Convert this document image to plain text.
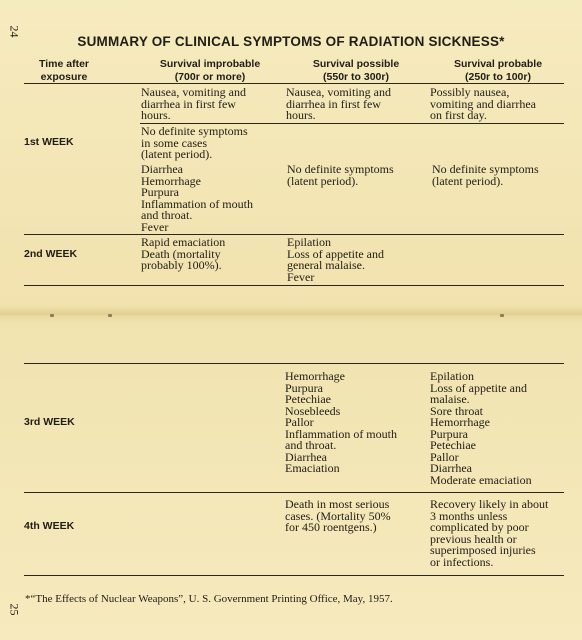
24
25
SUMMARY OF CLINICAL SYMPTOMS OF RADIATION SICKNESS*
Time after
exposure
Survival improbable
(700r or more)
Survival possible
(550r to 300r)
Survival probable
(250r to 100r)
1st WEEK
Nausea, vomiting and
diarrhea in first few
hours.
Nausea, vomiting and
diarrhea in first few
hours.
Possibly nausea,
vomiting and diarrhea
on first day.
No definite symptoms
in some cases
(latent period).
Diarrhea
Hemorrhage
Purpura
Inflammation of mouth
and throat.
Fever
No definite symptoms
(latent period).
No definite symptoms
(latent period).
2nd WEEK
Rapid emaciation
Death (mortality
probably 100%).
Epilation
Loss of appetite and
general malaise.
Fever
3rd WEEK
Hemorrhage
Purpura
Petechiae
Nosebleeds
Pallor
Inflammation of mouth
and throat.
Diarrhea
Emaciation
Epilation
Loss of appetite and
malaise.
Sore throat
Hemorrhage
Purpura
Petechiae
Pallor
Diarrhea
Moderate emaciation
4th WEEK
Death in most serious
cases. (Mortality 50%
for 450 roentgens.)
Recovery likely in about
3 months unless
complicated by poor
previous health or
superimposed injuries
or infections.
*“The Effects of Nuclear Weapons”, U. S. Government Printing Office, May, 1957.
